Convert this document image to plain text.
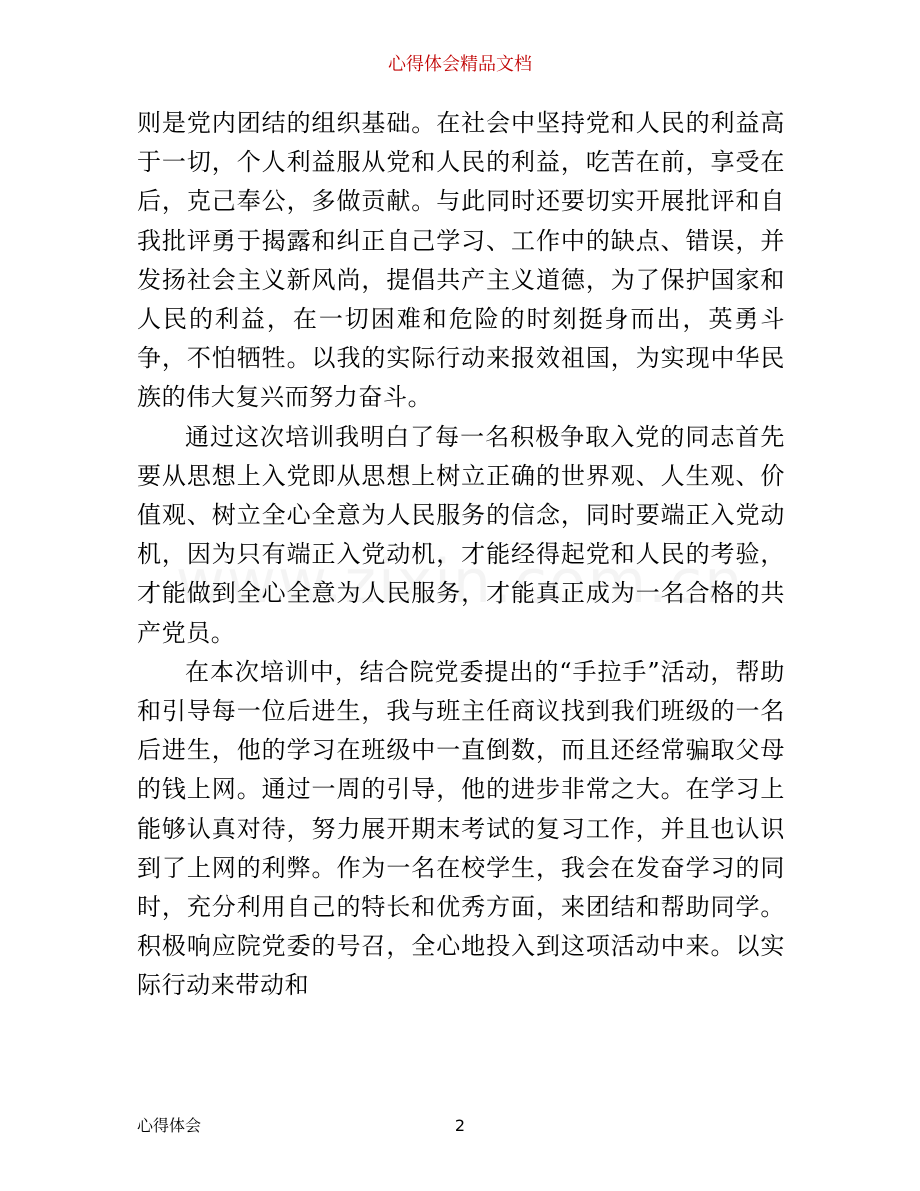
心得体会精品文档

则是党内团结的组织基础。在社会中坚持党和人民的利益高于一切，个人利益服从党和人民的利益，吃苦在前，享受在后，克己奉公，多做贡献。与此同时还要切实开展批评和自我批评勇于揭露和纠正自己学习、工作中的缺点、错误，并发扬社会主义新风尚，提倡共产主义道德，为了保护国家和人民的利益，在一切困难和危险的时刻挺身而出，英勇斗争，不怕牺牲。以我的实际行动来报效祖国，为实现中华民族的伟大复兴而努力奋斗。

通过这次培训我明白了每一名积极争取入党的同志首先要从思想上入党即从思想上树立正确的世界观、人生观、价值观、树立全心全意为人民服务的信念，同时要端正入党动机，因为只有端正入党动机，才能经得起党和人民的考验，才能做到全心全意为人民服务，才能真正成为一名合格的共产党员。

在本次培训中，结合院党委提出的“手拉手”活动，帮助和引导每一位后进生，我与班主任商议找到我们班级的一名后进生，他的学习在班级中一直倒数，而且还经常骗取父母的钱上网。通过一周的引导，他的进步非常之大。在学习上能够认真对待，努力展开期末考试的复习工作，并且也认识到了上网的利弊。作为一名在校学生，我会在发奋学习的同时，充分利用自己的特长和优秀方面，来团结和帮助同学。积极响应院党委的号召，全心地投入到这项活动中来。以实际行动来带动和

心得体会	2
